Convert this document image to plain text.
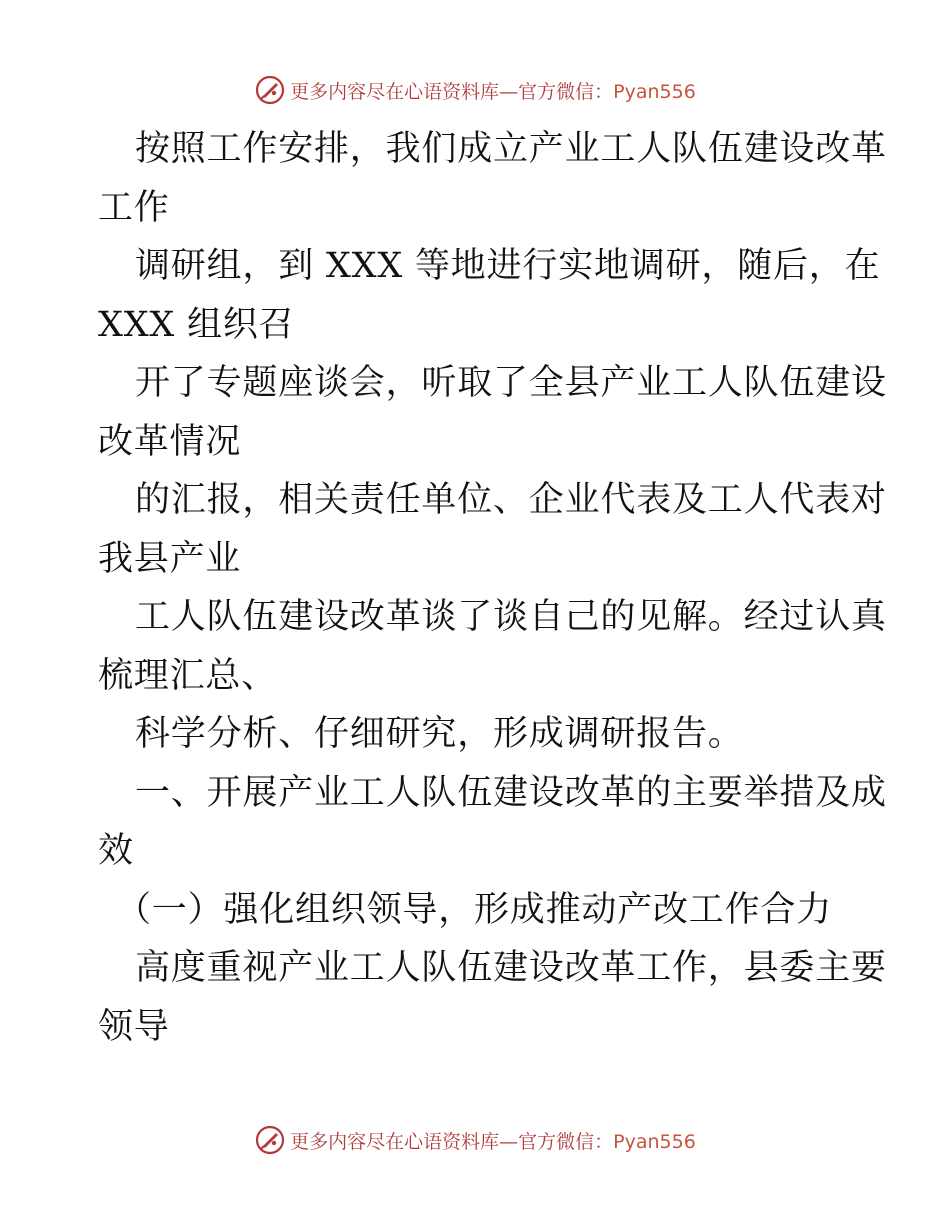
更多内容尽在心语资料库—官方微信：Pyan556
按照工作安排，我们成立产业工人队伍建设改革
工作
调研组，到 XXX 等地进行实地调研，随后，在
XXX 组织召
开了专题座谈会，听取了全县产业工人队伍建设
改革情况
的汇报，相关责任单位、企业代表及工人代表对
我县产业
工人队伍建设改革谈了谈自己的见解。经过认真
梳理汇总、
科学分析、仔细研究，形成调研报告。
一、开展产业工人队伍建设改革的主要举措及成
效
（一）强化组织领导，形成推动产改工作合力
高度重视产业工人队伍建设改革工作，县委主要
领导
更多内容尽在心语资料库—官方微信：Pyan556
